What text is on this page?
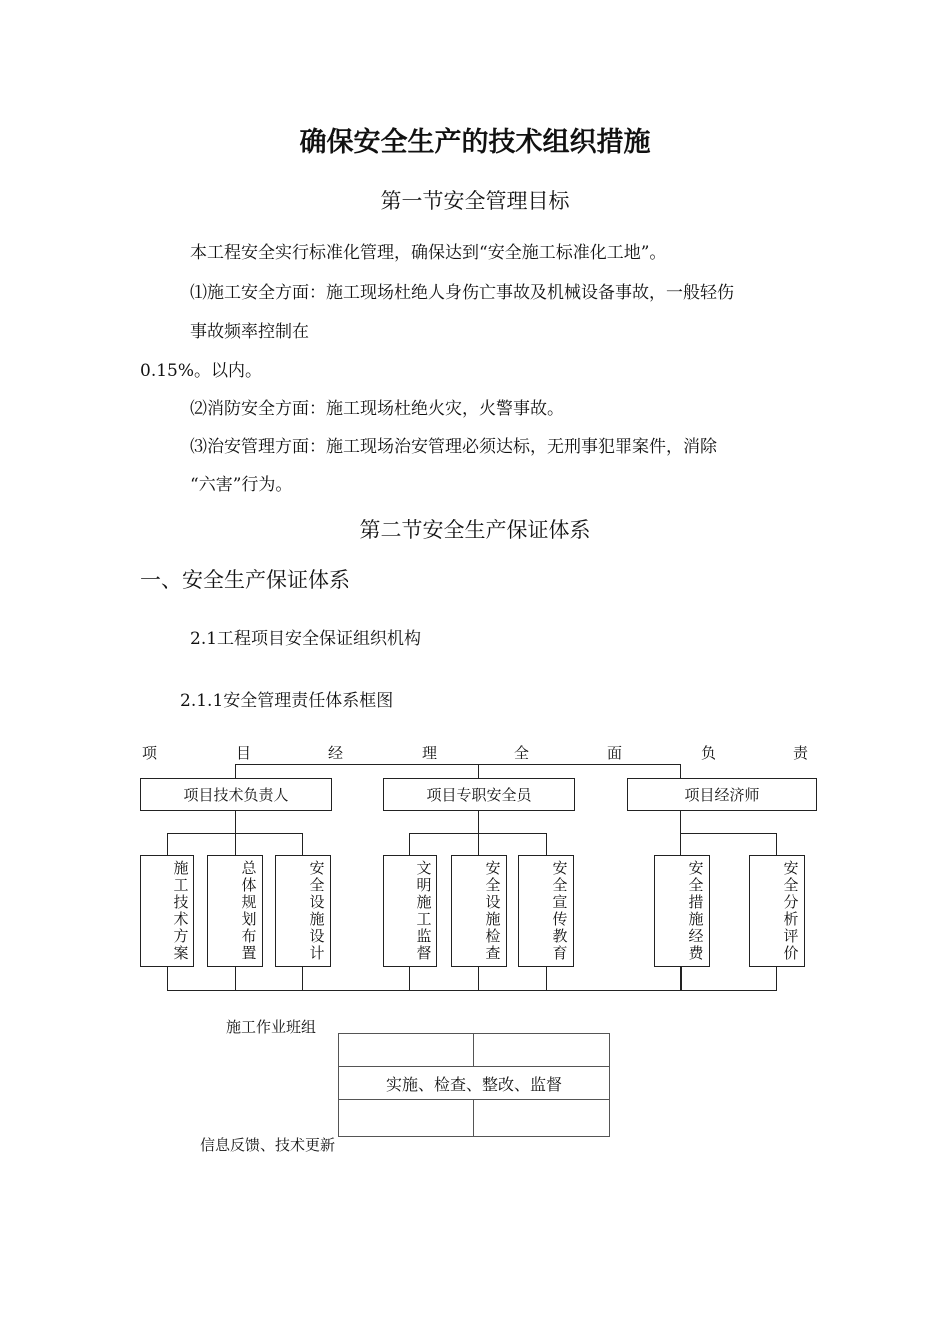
确保安全生产的技术组织措施
第一节安全管理目标
本工程安全实行标准化管理，确保达到“安全施工标准化工地”。
⑴施工安全方面：施工现场杜绝人身伤亡事故及机械设备事故，一般轻伤
事故频率控制在
0.15%。以内。
⑵消防安全方面：施工现场杜绝火灾，火警事故。
⑶治安管理方面：施工现场治安管理必须达标，无刑事犯罪案件，消除
“六害”行为。
第二节安全生产保证体系
一、安全生产保证体系
2.1工程项目安全保证组织机构
2.1.1安全管理责任体系框图
项	目	经	理	全	面	负	责
项目技术负责人	项目专职安全员	项目经济师
施工技术方案
总体规划布置
安全设施设计
文明施工监督
安全设施检查
安全宣传教育
安全措施经费
安全分析评价
施工作业班组

实施、检查、整改、监督	

信息反馈、技术更新
